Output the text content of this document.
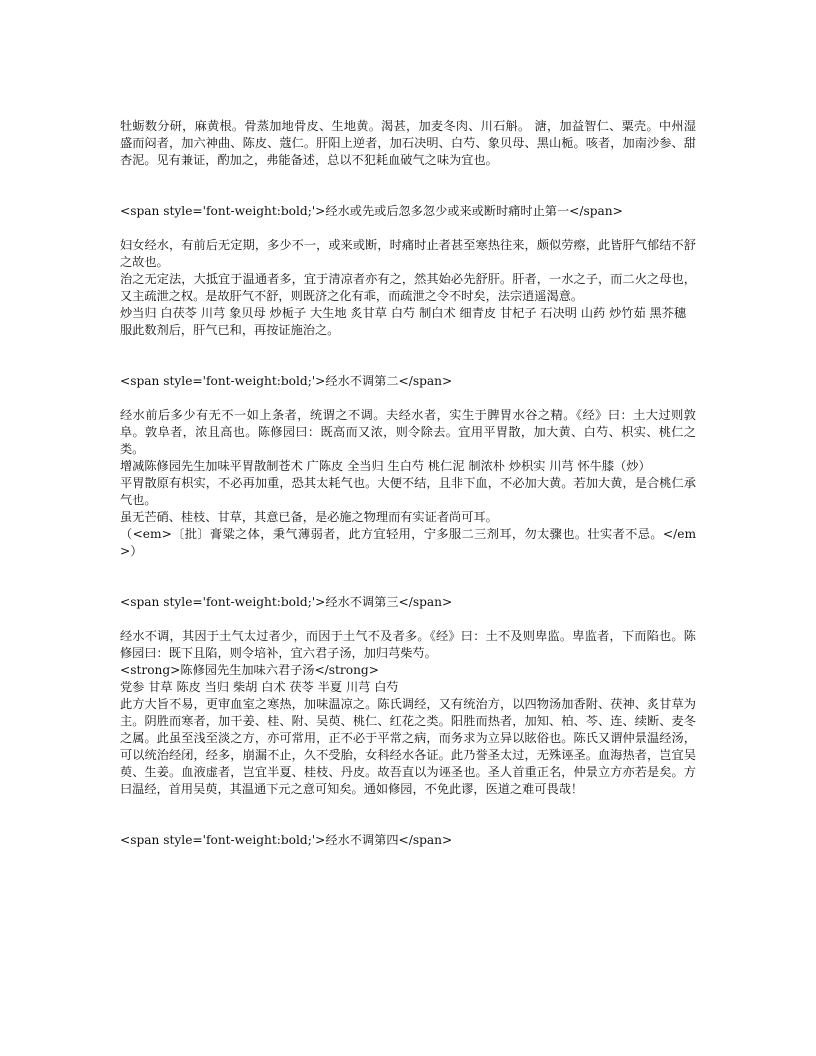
牡蛎数分研，麻黄根。骨蒸加地骨皮、生地黄。渴甚，加麦冬肉、川石斛。 溏，加益智仁、粟壳。中州湿盛而闷者，加六神曲、陈皮、蔻仁。肝阳上逆者，加石决明、白芍、象贝母、黑山栀。咳者，加南沙参、甜杏泥。见有兼证，酌加之，弗能备述，总以不犯耗血破气之味为宜也。

<span style='font-weight:bold;'>经水或先或后忽多忽少或来或断时痛时止第一</span>

妇女经水，有前后无定期，多少不一，或来或断，时痛时止者甚至寒热往来，颇似劳瘵，此皆肝气郁结不舒之故也。

治之无定法，大抵宜于温通者多，宜于清凉者亦有之，然其始必先舒肝。肝者，一水之子，而二火之母也，又主疏泄之权。是故肝气不舒，则既济之化有乖，而疏泄之令不时矣，法宗逍遥渴意。

炒当归 白茯苓 川芎 象贝母 炒栀子 大生地 炙甘草 白芍 制白术 细青皮 甘杞子 石决明 山药 炒竹茹 黑芥穗

服此数剂后，肝气已和，再按证施治之。

<span style='font-weight:bold;'>经水不调第二</span>

经水前后多少有无不一如上条者，统谓之不调。夫经水者，实生于脾胃水谷之精。《经》曰：土大过则敦阜。敦阜者，浓且高也。陈修园曰：既高而又浓，则令除去。宜用平胃散，加大黄、白芍、枳实、桃仁之类。

增减陈修园先生加味平胃散制苍术 广陈皮 全当归 生白芍 桃仁泥 制浓朴 炒枳实 川芎 怀牛膝（炒）

平胃散原有枳实，不必再加重，恐其太耗气也。大便不结，且非下血，不必加大黄。若加大黄，是合桃仁承气也。

虽无芒硝、桂枝、甘草，其意已备，是必施之物理而有实证者尚可耳。

（<em>〔批〕膏粱之体，秉气薄弱者，此方宜轻用，宁多服二三剂耳，勿太骤也。壮实者不忌。</em>）

<span style='font-weight:bold;'>经水不调第三</span>

经水不调，其因于土气太过者少，而因于土气不及者多。《经》曰：土不及则卑监。卑监者，下而陷也。陈修园曰：既下且陷，则令培补，宜六君子汤，加归芎柴芍。

<strong>陈修园先生加味六君子汤</strong>

党参 甘草 陈皮 当归 柴胡 白术 茯苓 半夏 川芎 白芍

此方大旨不易，更审血室之寒热，加味温凉之。陈氏调经，又有统治方，以四物汤加香附、茯神、炙甘草为主。阴胜而寒者，加干姜、桂、附、吴萸、桃仁、红花之类。阳胜而热者，加知、柏、芩、连、续断、麦冬之属。此虽至浅至淡之方，亦可常用，正不必于平常之病，而务求为立异以眩俗也。陈氏又谓仲景温经汤，可以统治经闭，经多，崩漏不止，久不受胎，女科经水各证。此乃誉圣太过，无殊诬圣。血海热者，岂宜吴萸、生姜。血液虚者，岂宜半夏、桂枝、丹皮。故吾直以为诬圣也。圣人首重正名，仲景立方亦若是矣。方曰温经，首用吴萸，其温通下元之意可知矣。通如修园，不免此谬，医道之难可畏哉！

<span style='font-weight:bold;'>经水不调第四</span>
